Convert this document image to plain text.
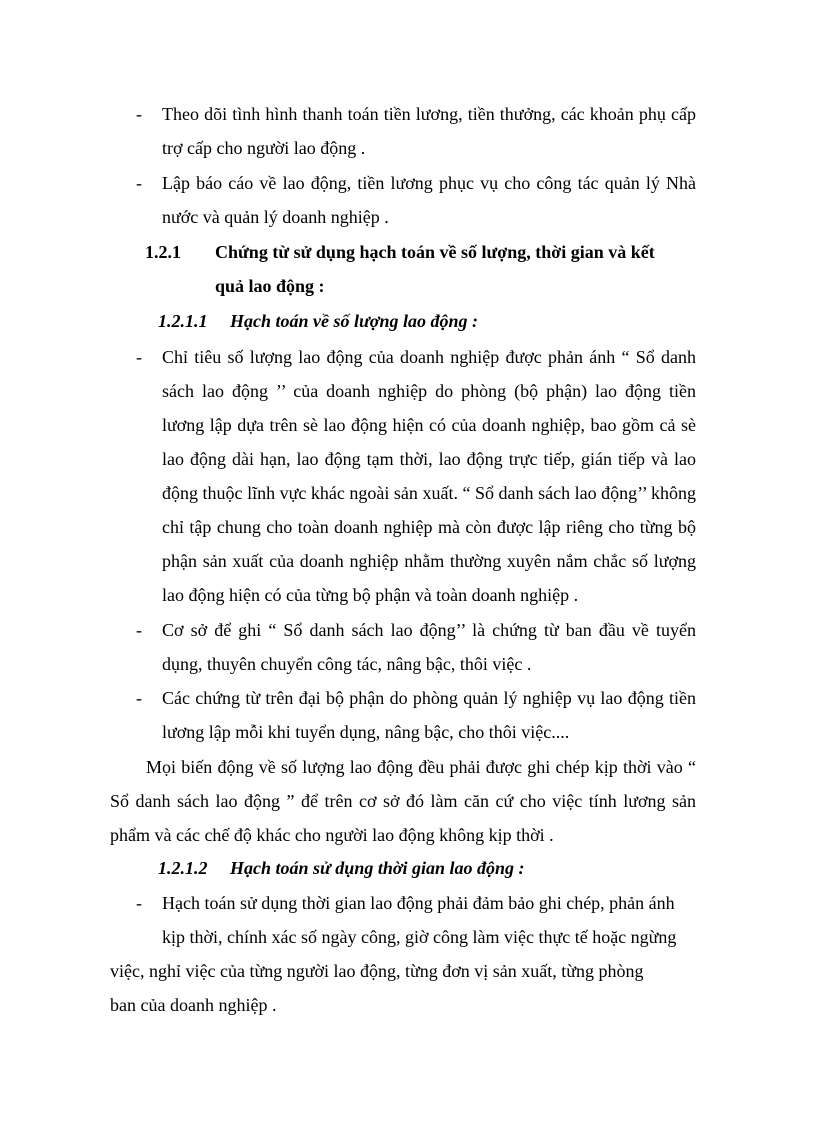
- Theo dõi tình hình thanh toán tiền lương, tiền thưởng, các khoản phụ cấp trợ cấp cho người lao động .
- Lập báo cáo về lao động, tiền lương phục vụ cho công tác quản lý Nhà nước và quản lý doanh nghiệp .
1.2.1 Chứng từ sử dụng hạch toán về số lượng, thời gian và kết
quả lao động :
1.2.1.1 Hạch toán về số lượng lao động :
- Chỉ tiêu số lượng lao động của doanh nghiệp được phản ánh “ Sổ danh sách lao động ’’ của doanh nghiệp do phòng (bộ phận) lao động tiền lương lập dựa trên sè lao động hiện có của doanh nghiệp, bao gồm cả sè lao động dài hạn, lao động tạm thời, lao động trực tiếp, gián tiếp và lao động thuộc lĩnh vực khác ngoài sản xuất. “ Sổ danh sách lao động’’ không chỉ tập chung cho toàn doanh nghiệp mà còn được lập riêng cho từng bộ phận sản xuất của doanh nghiệp nhằm thường xuyên nắm chắc số lượng lao động hiện có của từng bộ phận và toàn doanh nghiệp .
- Cơ sở để ghi “ Sổ danh sách lao động’’ là chứng từ ban đầu về tuyển dụng, thuyên chuyển công tác, nâng bậc, thôi việc .
- Các chứng từ trên đại bộ phận do phòng quản lý nghiệp vụ lao động tiền lương lập mỗi khi tuyển dụng, nâng bậc, cho thôi việc....
Mọi biến động về số lượng lao động đều phải được ghi chép kịp thời vào “ Sổ danh sách lao động ” để trên cơ sở đó làm căn cứ cho việc tính lương sản phẩm và các chế độ khác cho người lao động không kịp thời .
1.2.1.2 Hạch toán sử dụng thời gian lao động :
- Hạch toán sử dụng thời gian lao động phải đảm bảo ghi chép, phản ánh
kịp thời, chính xác số ngày công, giờ công làm việc thực tế hoặc ngừng
việc, nghỉ việc của từng người lao động, từng đơn vị sản xuất, từng phòng
ban của doanh nghiệp .
